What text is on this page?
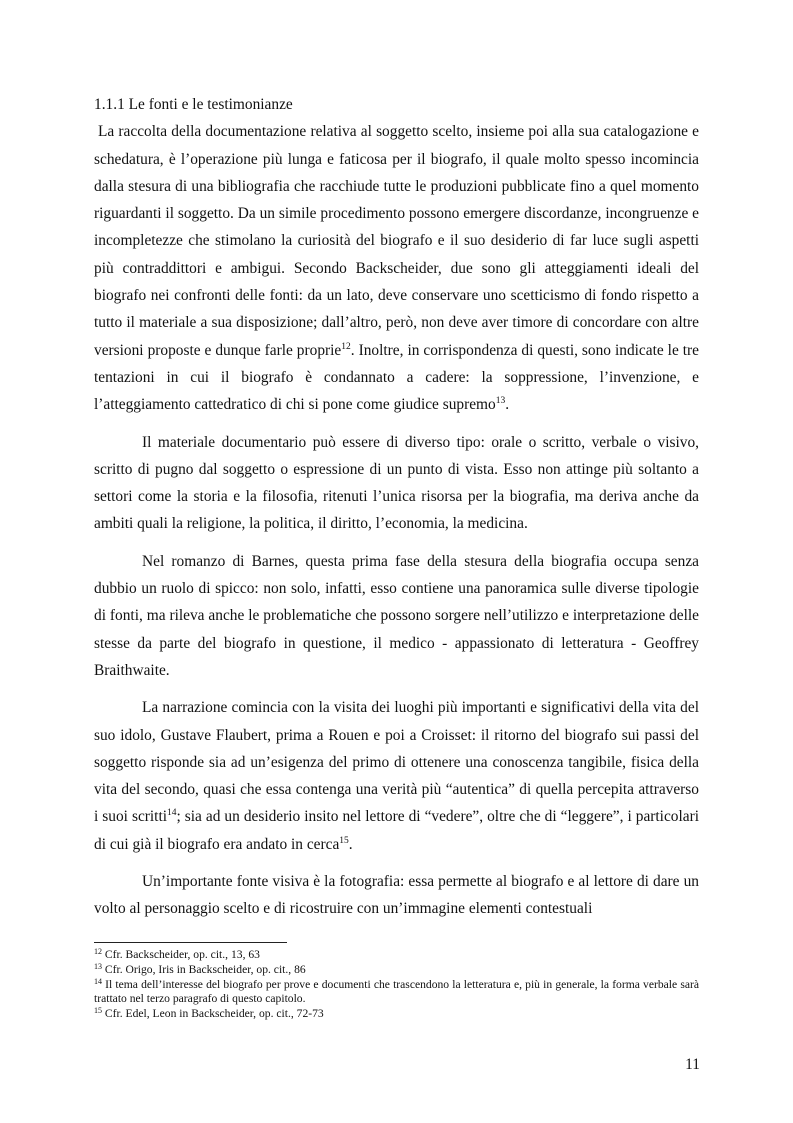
1.1.1 Le fonti e le testimonianze

La raccolta della documentazione relativa al soggetto scelto, insieme poi alla sua catalogazione e schedatura, è l’operazione più lunga e faticosa per il biografo, il quale molto spesso incomincia dalla stesura di una bibliografia che racchiude tutte le produzioni pubblicate fino a quel momento riguardanti il soggetto. Da un simile procedimento possono emergere discordanze, incongruenze e incompletezze che stimolano la curiosità del biografo e il suo desiderio di far luce sugli aspetti più contraddittori e ambigui. Secondo Backscheider, due sono gli atteggiamenti ideali del biografo nei confronti delle fonti: da un lato, deve conservare uno scetticismo di fondo rispetto a tutto il materiale a sua disposizione; dall’altro, però, non deve aver timore di concordare con altre versioni proposte e dunque farle proprie$^{12}$. Inoltre, in corrispondenza di questi, sono indicate le tre tentazioni in cui il biografo è condannato a cadere: la soppressione, l’invenzione, e l’atteggiamento cattedratico di chi si pone come giudice supremo$^{13}$.

Il materiale documentario può essere di diverso tipo: orale o scritto, verbale o visivo, scritto di pugno dal soggetto o espressione di un punto di vista. Esso non attinge più soltanto a settori come la storia e la filosofia, ritenuti l’unica risorsa per la biografia, ma deriva anche da ambiti quali la religione, la politica, il diritto, l’economia, la medicina.

Nel romanzo di Barnes, questa prima fase della stesura della biografia occupa senza dubbio un ruolo di spicco: non solo, infatti, esso contiene una panoramica sulle diverse tipologie di fonti, ma rileva anche le problematiche che possono sorgere nell’utilizzo e interpretazione delle stesse da parte del biografo in questione, il medico - appassionato di letteratura - Geoffrey Braithwaite.

La narrazione comincia con la visita dei luoghi più importanti e significativi della vita del suo idolo, Gustave Flaubert, prima a Rouen e poi a Croisset: il ritorno del biografo sui passi del soggetto risponde sia ad un’esigenza del primo di ottenere una conoscenza tangibile, fisica della vita del secondo, quasi che essa contenga una verità più “autentica” di quella percepita attraverso i suoi scritti$^{14}$; sia ad un desiderio insito nel lettore di “vedere”, oltre che di “leggere”, i particolari di cui già il biografo era andato in cerca$^{15}$.

Un’importante fonte visiva è la fotografia: essa permette al biografo e al lettore di dare un volto al personaggio scelto e di ricostruire con un’immagine elementi contestuali

$^{12}$ Cfr. Backscheider, op. cit., 13, 63

$^{13}$ Cfr. Origo, Iris in Backscheider, op. cit., 86

$^{14}$ Il tema dell’interesse del biografo per prove e documenti che trascendono la letteratura e, più in generale, la forma verbale sarà trattato nel terzo paragrafo di questo capitolo.

$^{15}$ Cfr. Edel, Leon in Backscheider, op. cit., 72-73

11
